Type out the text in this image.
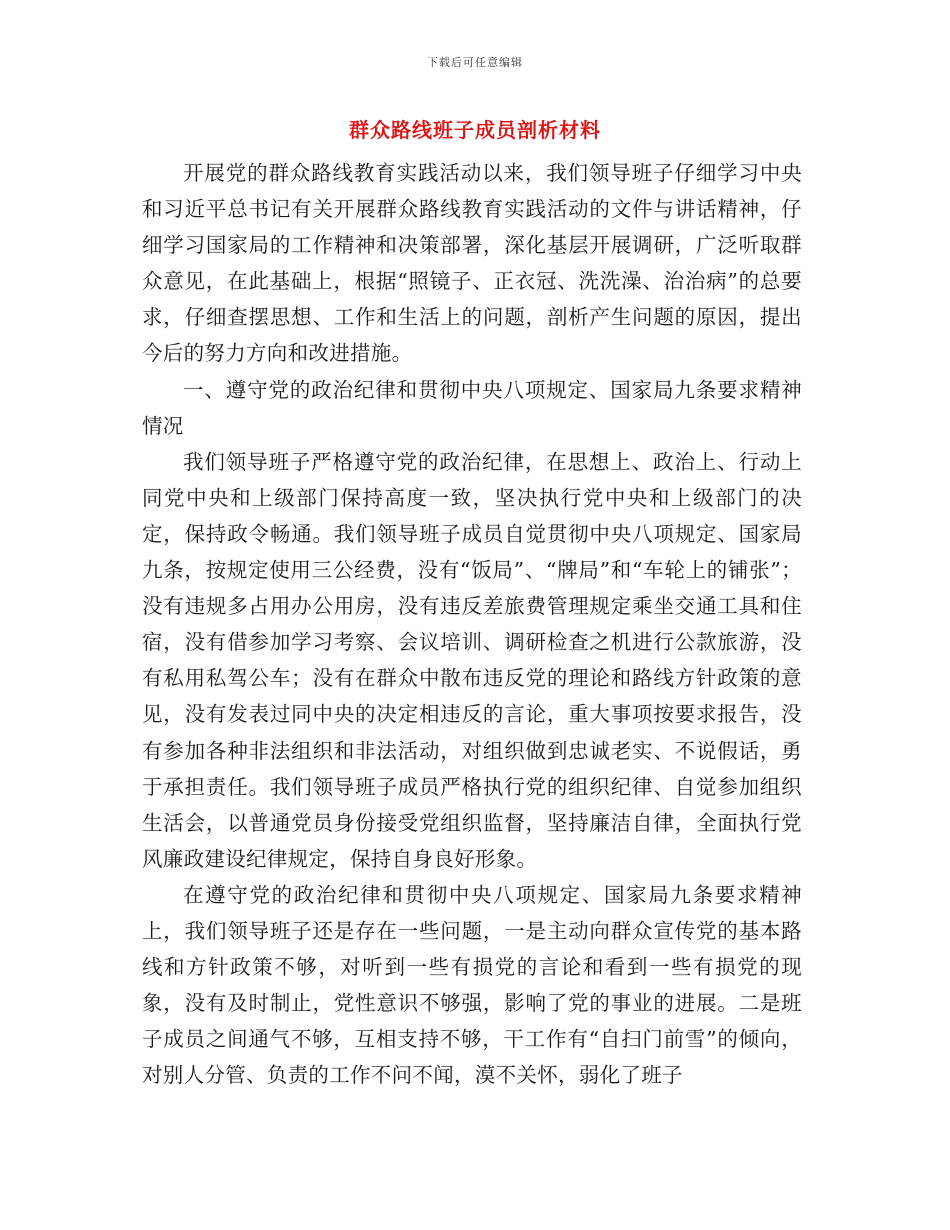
下载后可任意编辑
群众路线班子成员剖析材料

开展党的群众路线教育实践活动以来，我们领导班子仔细学习中央和习近平总书记有关开展群众路线教育实践活动的文件与讲话精神，仔细学习国家局的工作精神和决策部署，深化基层开展调研，广泛听取群众意见，在此基础上，根据“照镜子、正衣冠、洗洗澡、治治病”的总要求，仔细查摆思想、工作和生活上的问题，剖析产生问题的原因，提出今后的努力方向和改进措施。

一、遵守党的政治纪律和贯彻中央八项规定、国家局九条要求精神情况

我们领导班子严格遵守党的政治纪律，在思想上、政治上、行动上同党中央和上级部门保持高度一致，坚决执行党中央和上级部门的决定，保持政令畅通。我们领导班子成员自觉贯彻中央八项规定、国家局九条，按规定使用三公经费，没有“饭局”、“牌局”和“车轮上的铺张”；没有违规多占用办公用房，没有违反差旅费管理规定乘坐交通工具和住宿，没有借参加学习考察、会议培训、调研检查之机进行公款旅游，没有私用私驾公车；没有在群众中散布违反党的理论和路线方针政策的意见，没有发表过同中央的决定相违反的言论，重大事项按要求报告，没有参加各种非法组织和非法活动，对组织做到忠诚老实、不说假话，勇于承担责任。我们领导班子成员严格执行党的组织纪律、自觉参加组织生活会，以普通党员身份接受党组织监督，坚持廉洁自律，全面执行党风廉政建设纪律规定，保持自身良好形象。

在遵守党的政治纪律和贯彻中央八项规定、国家局九条要求精神上，我们领导班子还是存在一些问题，一是主动向群众宣传党的基本路线和方针政策不够，对听到一些有损党的言论和看到一些有损党的现象，没有及时制止，党性意识不够强，影响了党的事业的进展。二是班子成员之间通气不够，互相支持不够，干工作有“自扫门前雪”的倾向，对别人分管、负责的工作不问不闻，漠不关怀，弱化了班子
